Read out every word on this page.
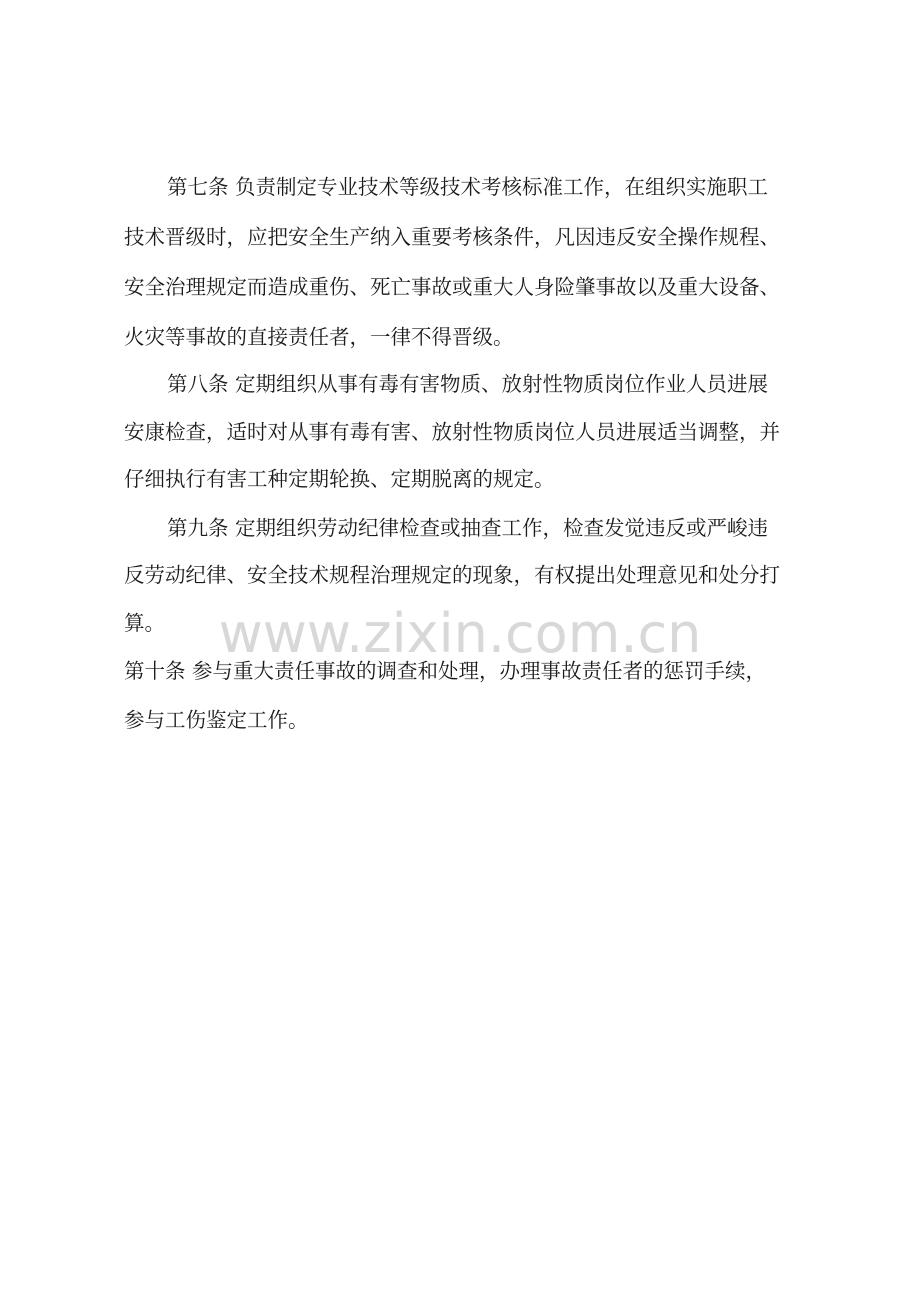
第七条 负责制定专业技术等级技术考核标准工作，在组织实施职工
技术晋级时，应把安全生产纳入重要考核条件，凡因违反安全操作规程、
安全治理规定而造成重伤、死亡事故或重大人身险肇事故以及重大设备、
火灾等事故的直接责任者，一律不得晋级。
第八条 定期组织从事有毒有害物质、放射性物质岗位作业人员进展
安康检查，适时对从事有毒有害、放射性物质岗位人员进展适当调整，并
仔细执行有害工种定期轮换、定期脱离的规定。
第九条 定期组织劳动纪律检查或抽查工作，检查发觉违反或严峻违
反劳动纪律、安全技术规程治理规定的现象，有权提出处理意见和处分打
算。
第十条 参与重大责任事故的调查和处理，办理事故责任者的惩罚手续，
参与工伤鉴定工作。
www.zixin.com.cn
